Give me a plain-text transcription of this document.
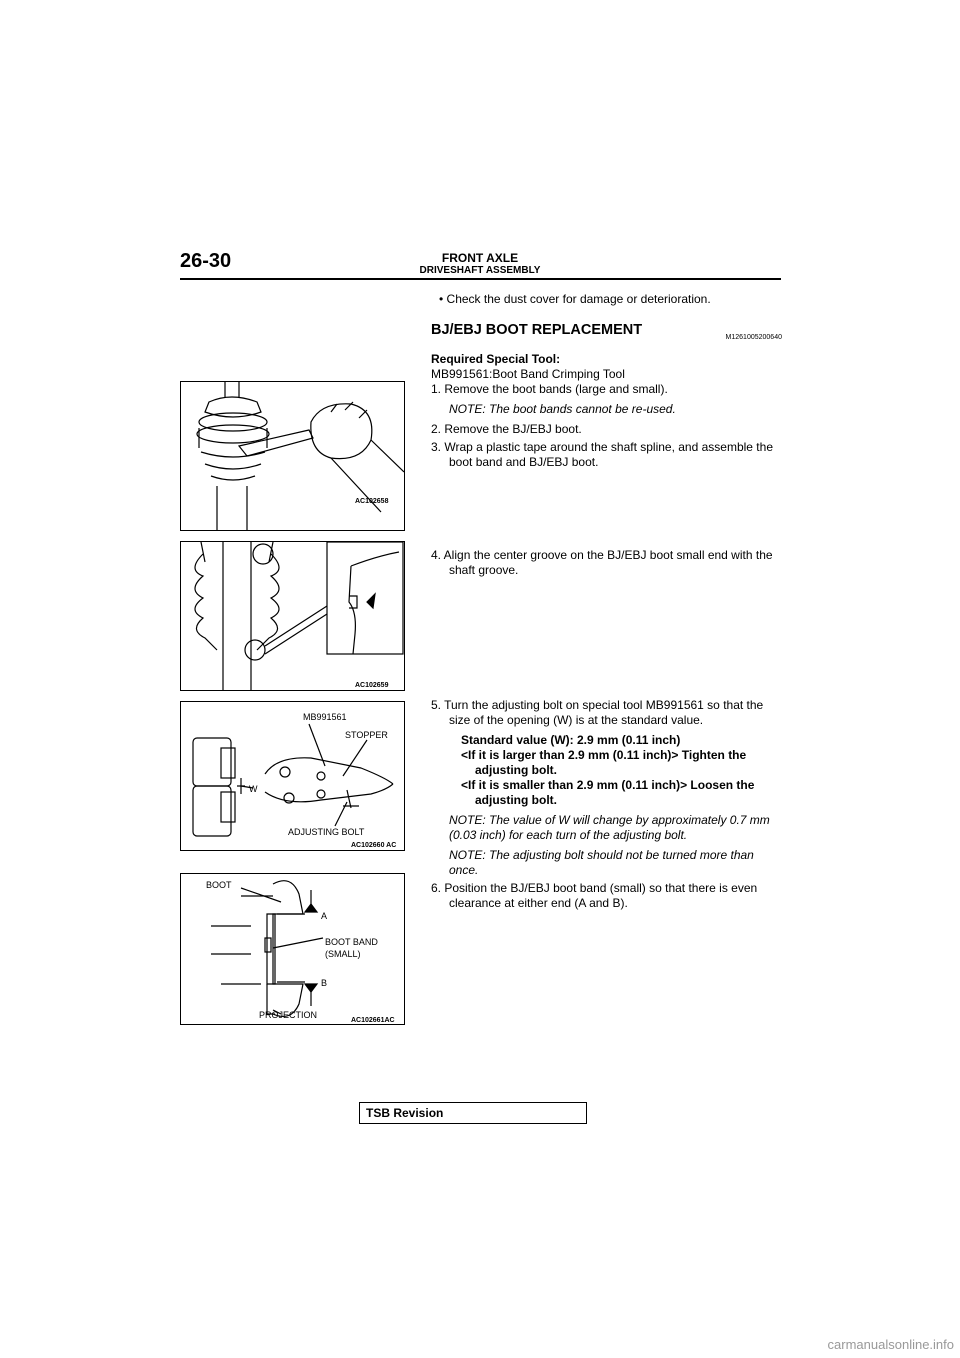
26-30	FRONT AXLE
DRIVESHAFT ASSEMBLY
• Check the dust cover for damage or deterioration.
BJ/EBJ BOOT REPLACEMENT	M1261005200640

Required Special Tool:

MB991561:Boot Band Crimping Tool

1. Remove the boot bands (large and small).

NOTE: The boot bands cannot be re-used.

2. Remove the BJ/EBJ boot.

3. Wrap a plastic tape around the shaft spline, and assemble the boot band and BJ/EBJ boot.

4. Align the center groove on the BJ/EBJ boot small end with the shaft groove.

5. Turn the adjusting bolt on special tool MB991561 so that the size of the opening (W) is at the standard value.

Standard value (W): 2.9 mm (0.11 inch)

<If it is larger than 2.9 mm (0.11 inch)> Tighten the adjusting bolt.

<If it is smaller than 2.9 mm (0.11 inch)> Loosen the adjusting bolt.

NOTE: The value of W will change by approximately 0.7 mm (0.03 inch) for each turn of the adjusting bolt.

NOTE: The adjusting bolt should not be turned more than once.

6. Position the BJ/EBJ boot band (small) so that there is even clearance at either end (A and B).

AC102658
AC102659
MB991561
STOPPER
W
ADJUSTING BOLT
AC102660 AC
BOOT
A
BOOT BAND
(SMALL)
B
PROJECTION
AC102661AC
TSB Revision
carmanualsonline.info
